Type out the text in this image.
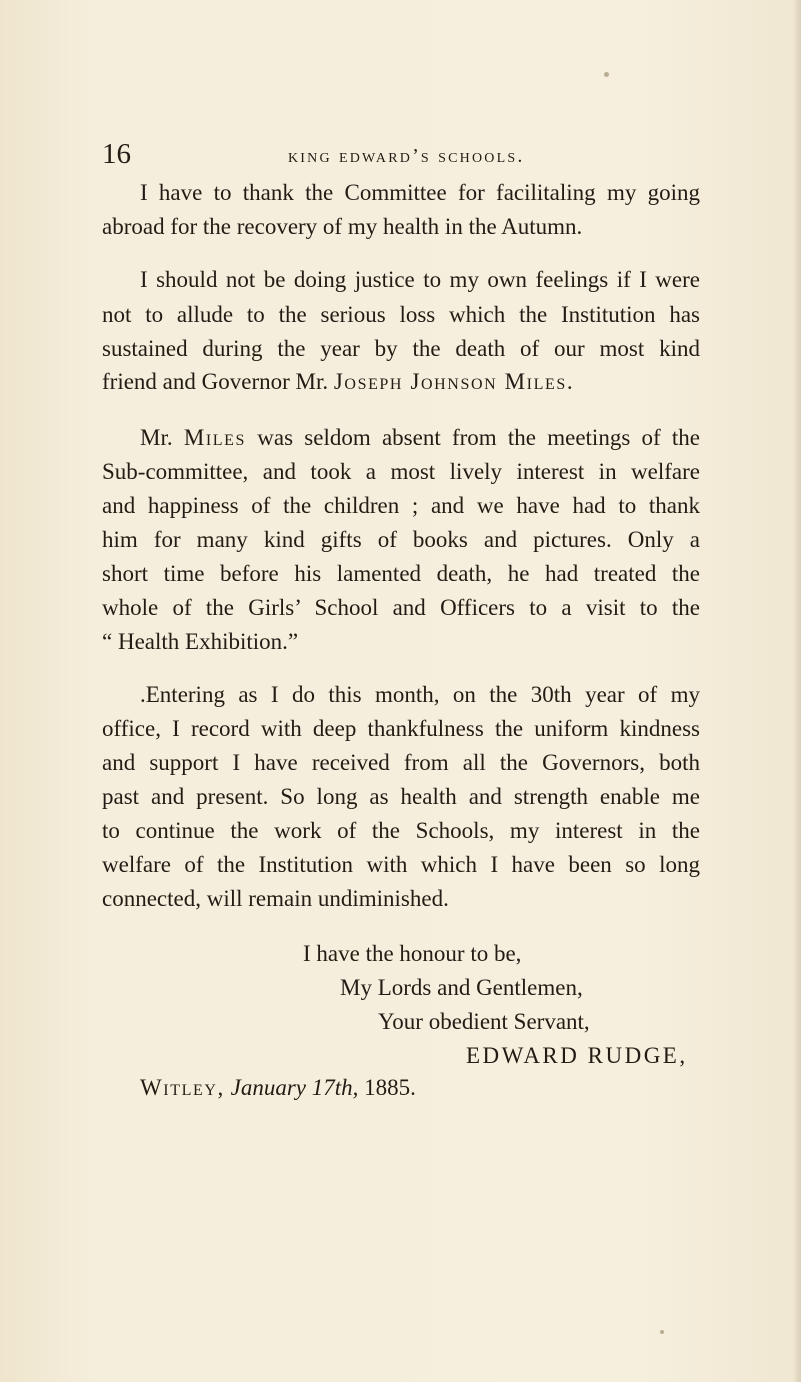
16	king edward’s schools.
I have to thank the Committee for facilitaling my going
abroad for the recovery of my health in the Autumn.
I should not be doing justice to my own feelings if I were
not to allude to the serious loss which the Institution has
sustained during the year by the death of our most kind
friend and Governor Mr. Joseph Johnson Miles.
Mr. Miles was seldom absent from the meetings of the
Sub-committee, and took a most lively interest in welfare
and happiness of the children ; and we have had to thank
him for many kind gifts of books and pictures. Only a
short time before his lamented death, he had treated the
whole of the Girls’ School and Officers to a visit to the
“ Health Exhibition.”
.Entering as I do this month, on the 30th year of my
office, I record with deep thankfulness the uniform kindness
and support I have received from all the Governors, both
past and present. So long as health and strength enable me
to continue the work of the Schools, my interest in the
welfare of the Institution with which I have been so long
connected, will remain undiminished.
I have the honour to be,
My Lords and Gentlemen,
Your obedient Servant,
EDWARD RUDGE,
Witley, January 17th, 1885.
